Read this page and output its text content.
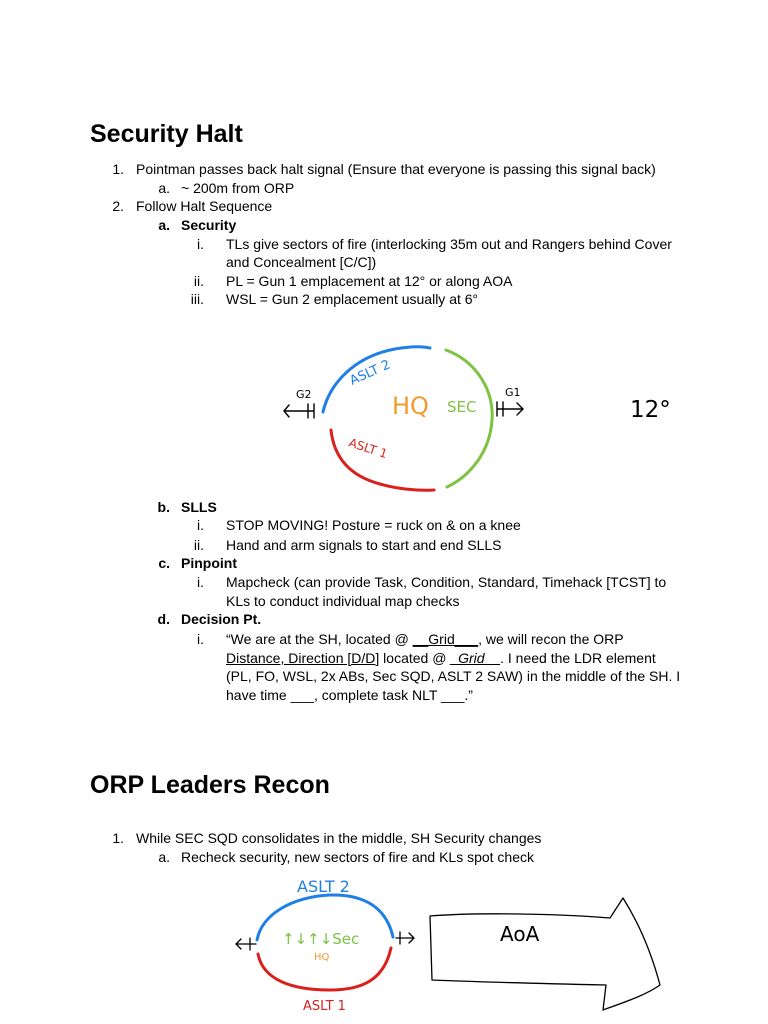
Security Halt
1. Pointman passes back halt signal (Ensure that everyone is passing this signal back)
a. ~ 200m from ORP
2. Follow Halt Sequence
a. Security
i. TLs give sectors of fire (interlocking 35m out and Rangers behind Cover
and Concealment [C/C])
ii. PL = Gun 1 emplacement at 12° or along AOA
iii. WSL = Gun 2 emplacement usually at 6°
ASLT 2
ASLT 1
HQ SEC
G2	G1
12°
b. SLLS
i. STOP MOVING! Posture = ruck on & on a knee
ii. Hand and arm signals to start and end SLLS
c. Pinpoint
i. Mapcheck (can provide Task, Condition, Standard, Timehack [TCST] to
KLs to conduct individual map checks
d. Decision Pt.
i. “We are at the SH, located @ __Grid___, we will recon the ORP
Distance, Direction [D/D] located @ _Grid__. I need the LDR element
(PL, FO, WSL, 2x ABs, Sec SQD, ASLT 2 SAW) in the middle of the SH. I
have time ___, complete task NLT ___.”
ORP Leaders Recon
1. While SEC SQD consolidates in the middle, SH Security changes
a. Recheck security, new sectors of fire and KLs spot check
ASLT 2
ASLT 1
↑↓↑↓Sec
HQ
AoA
